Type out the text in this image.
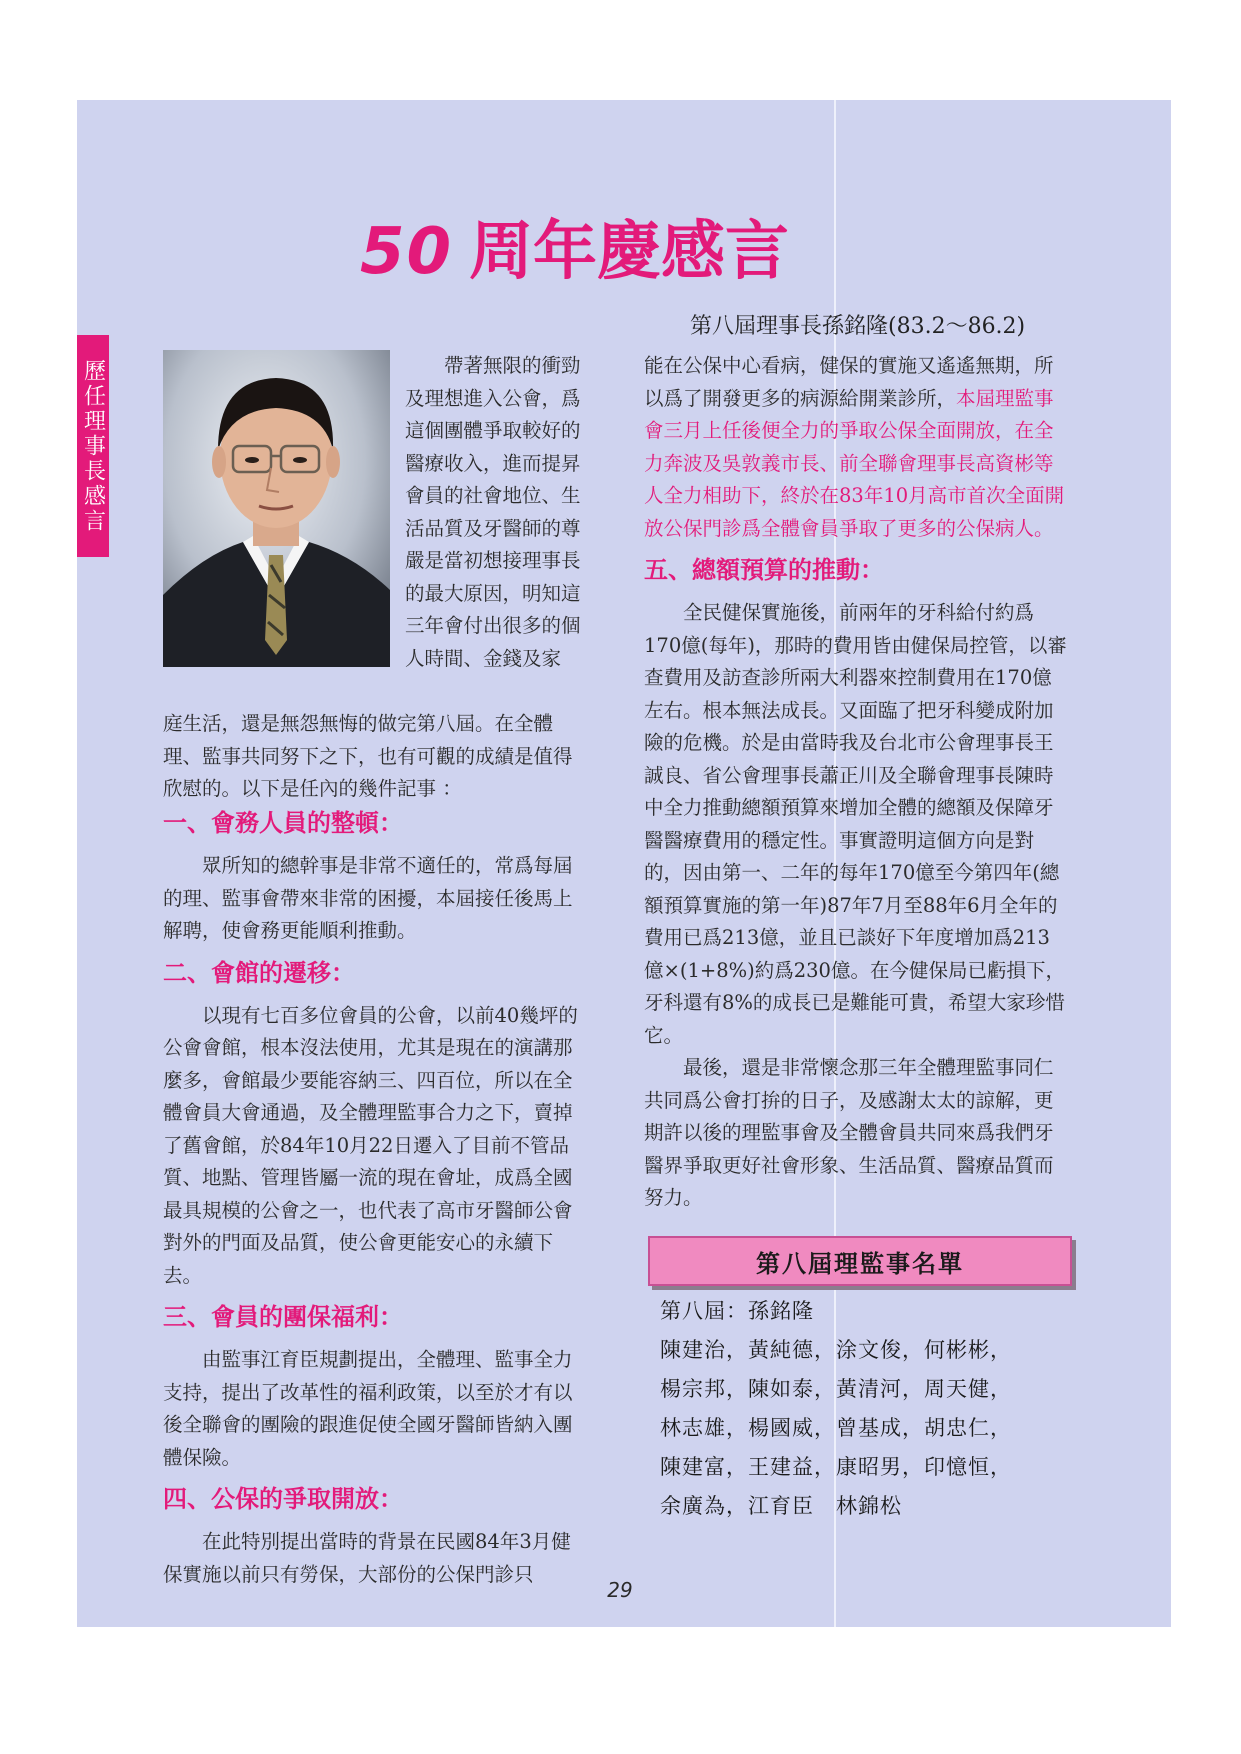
歷任理事長感言
50 周年慶感言
第八屆理事長孫銘隆(83.2～86.2)

帶著無限的衝勁及理想進入公會，爲這個團體爭取較好的醫療收入，進而提昇會員的社會地位、生活品質及牙醫師的尊嚴是當初想接理事長的最大原因，明知這三年會付出很多的個人時間、金錢及家

庭生活，還是無怨無悔的做完第八屆。在全體理、監事共同努下之下，也有可觀的成績是值得欣慰的。以下是任內的幾件記事 ：

一、會務人員的整頓：

眾所知的總幹事是非常不適任的，常爲每屆的理、監事會帶來非常的困擾，本屆接任後馬上解聘，使會務更能順利推動。

二、會館的遷移：

以現有七百多位會員的公會，以前40幾坪的公會會館，根本沒法使用，尤其是現在的演講那麼多，會館最少要能容納三、四百位，所以在全體會員大會通過，及全體理監事合力之下，賣掉了舊會館，於84年10月22日遷入了目前不管品質、地點、管理皆屬一流的現在會址，成爲全國最具規模的公會之一，也代表了高市牙醫師公會對外的門面及品質，使公會更能安心的永續下去。

三、會員的團保福利：

由監事江育臣規劃提出，全體理、監事全力支持，提出了改革性的福利政策，以至於才有以後全聯會的團險的跟進促使全國牙醫師皆納入團體保險。

四、公保的爭取開放：

在此特別提出當時的背景在民國84年3月健保實施以前只有勞保，大部份的公保門診只

能在公保中心看病，健保的實施又遙遙無期，所以爲了開發更多的病源給開業診所，本屆理監事會三月上任後便全力的爭取公保全面開放，在全力奔波及吳敦義市長、前全聯會理事長高資彬等人全力相助下，終於在83年10月高市首次全面開放公保門診爲全體會員爭取了更多的公保病人。

五、總額預算的推動：

全民健保實施後，前兩年的牙科給付約爲170億(每年)，那時的費用皆由健保局控管，以審查費用及訪查診所兩大利器來控制費用在170億左右。根本無法成長。又面臨了把牙科變成附加險的危機。於是由當時我及台北市公會理事長王誠良、省公會理事長蕭正川及全聯會理事長陳時中全力推動總額預算來增加全體的總額及保障牙醫醫療費用的穩定性。事實證明這個方向是對的，因由第一、二年的每年170億至今第四年(總額預算實施的第一年)87年7月至88年6月全年的費用已爲213億，並且已談好下年度增加爲213億×(1+8%)約爲230億。在今健保局已虧損下，牙科還有8%的成長已是難能可貴，希望大家珍惜它。

最後，還是非常懷念那三年全體理監事同仁共同爲公會打拚的日子，及感謝太太的諒解，更期許以後的理監事會及全體會員共同來爲我們牙醫界爭取更好社會形象、生活品質、醫療品質而努力。

第八屆理監事名單
第八屆：孫銘隆
陳建治，黃純德，涂文俊，何彬彬，
楊宗邦，陳如泰，黃清河，周天健，
林志雄，楊國威，曾基成，胡忠仁，
陳建富，王建益，康昭男，印憶恒，
余廣為，江育臣　林錦松
29
